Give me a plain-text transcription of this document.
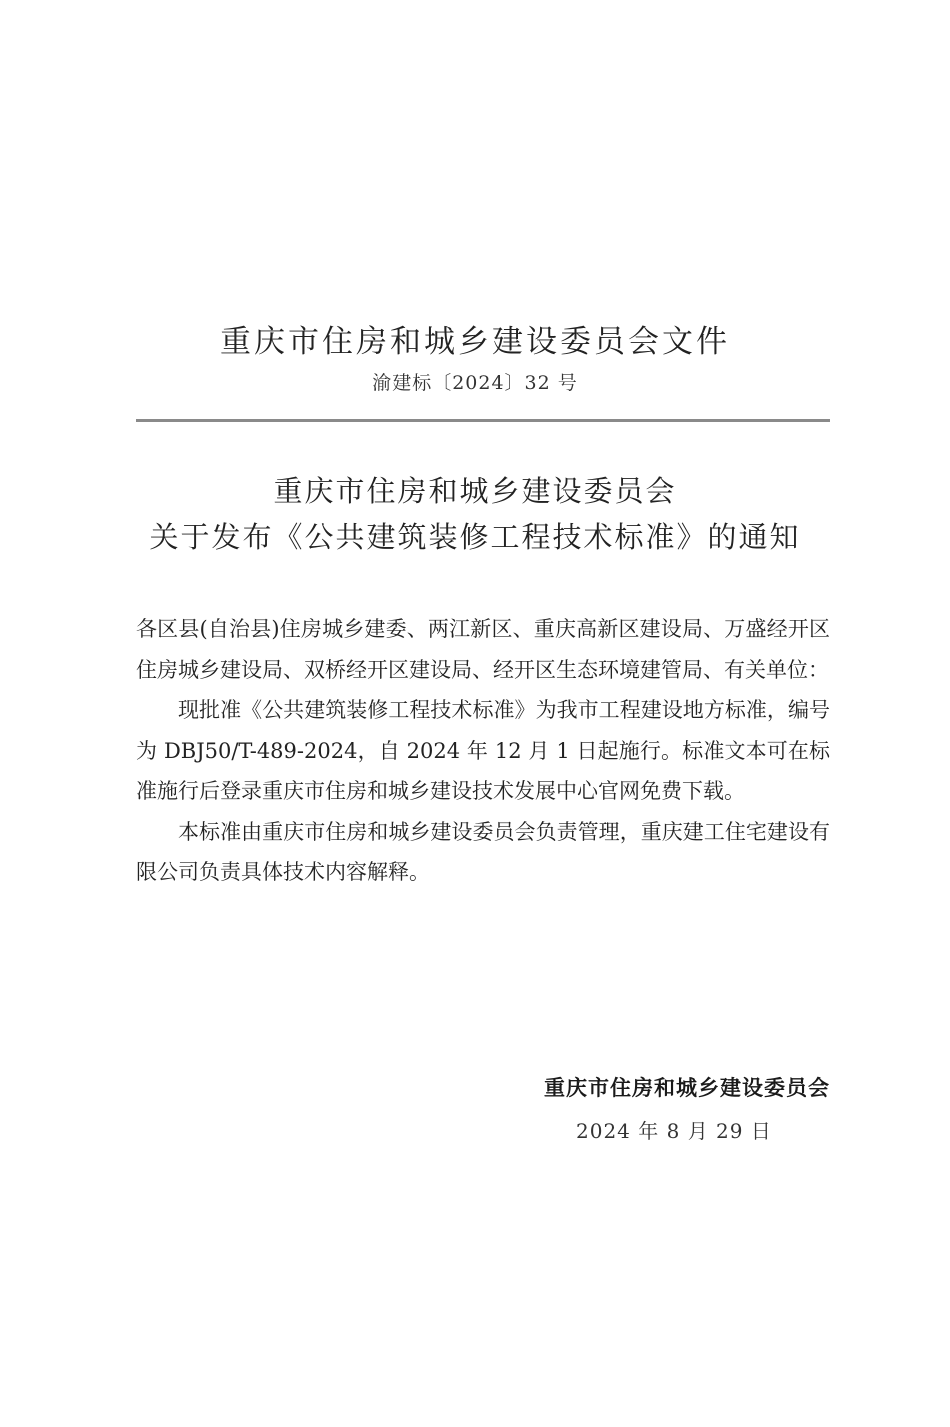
重庆市住房和城乡建设委员会文件
渝建标〔2024〕32 号
重庆市住房和城乡建设委员会
关于发布《公共建筑装修工程技术标准》的通知

各区县(自治县)住房城乡建委、两江新区、重庆高新区建设局、万盛经开区住房城乡建设局、双桥经开区建设局、经开区生态环境建管局、有关单位：

现批准《公共建筑装修工程技术标准》为我市工程建设地方标准，编号为 DBJ50/T-489-2024，自 2024 年 12 月 1 日起施行。标准文本可在标准施行后登录重庆市住房和城乡建设技术发展中心官网免费下载。

本标准由重庆市住房和城乡建设委员会负责管理，重庆建工住宅建设有限公司负责具体技术内容解释。

重庆市住房和城乡建设委员会
2024 年 8 月 29 日
